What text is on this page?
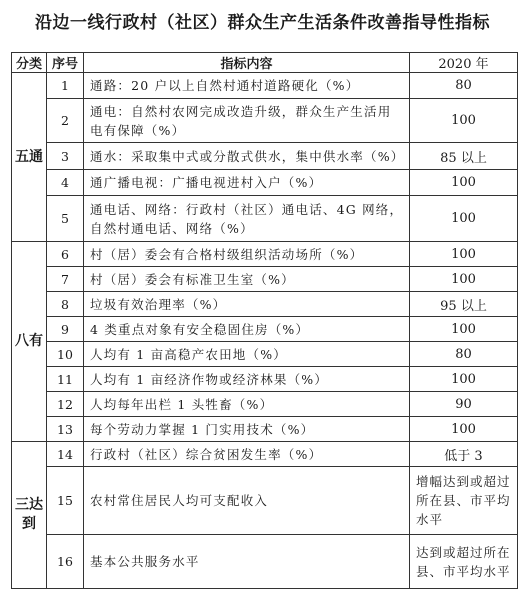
沿边一线行政村（社区）群众生产生活条件改善指导性指标
分类	序号	指标内容	2020 年
五通	1	通路：20 户以上自然村通村道路硬化（%）	80
	2	通电：自然村农网完成改造升级，群众生产生活用电有保障（%）	100
	3	通水：采取集中式或分散式供水，集中供水率（%）	85 以上
	4	通广播电视：广播电视进村入户（%）	100
	5	通电话、网络：行政村（社区）通电话、4G 网络，自然村通电话、网络（%）	100
八有	6	村（居）委会有合格村级组织活动场所（%）	100
	7	村（居）委会有标准卫生室（%）	100
	8	垃圾有效治理率（%）	95 以上
	9	4 类重点对象有安全稳固住房（%）	100
	10	人均有 1 亩高稳产农田地（%）	80
	11	人均有 1 亩经济作物或经济林果（%）	100
	12	人均每年出栏 1 头牲畜（%）	90
	13	每个劳动力掌握 1 门实用技术（%）	100
三达到	14	行政村（社区）综合贫困发生率（%）	低于 3
	15	农村常住居民人均可支配收入	增幅达到或超过所在县、市平均水平
	16	基本公共服务水平	达到或超过所在县、市平均水平
